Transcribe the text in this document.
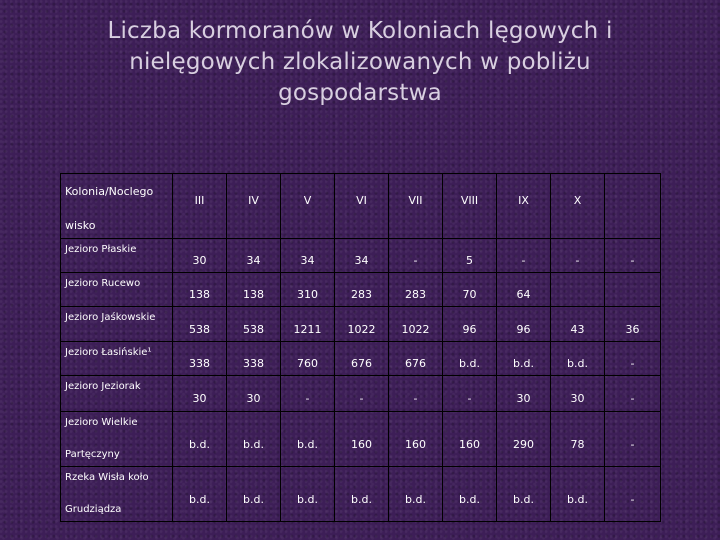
Liczba kormoranów w Koloniach lęgowych i
nielęgowych zlokalizowanych w pobliżu
gospodarstwa
Kolonia/Noclego
wisko	III	IV	V	VI	VII	VIII	IX	X	

Jezioro Płaskie	30	34	34	34	-	5	-	-	-

Jezioro Rucewo	138	138	310	283	283	70	64		

Jezioro Jaśkowskie	538	538	1211	1022	1022	96	96	43	36

Jezioro Łasińskie¹	338	338	760	676	676	b.d.	b.d.	b.d.	-

Jezioro Jeziorak	30	30	-	-	-	-	30	30	-

Jezioro Wielkie
Partęczyny	b.d.	b.d.	b.d.	160	160	160	290	78	-

Rzeka Wisła koło
Grudziądza	b.d.	b.d.	b.d.	b.d.	b.d.	b.d.	b.d.	b.d.	-
